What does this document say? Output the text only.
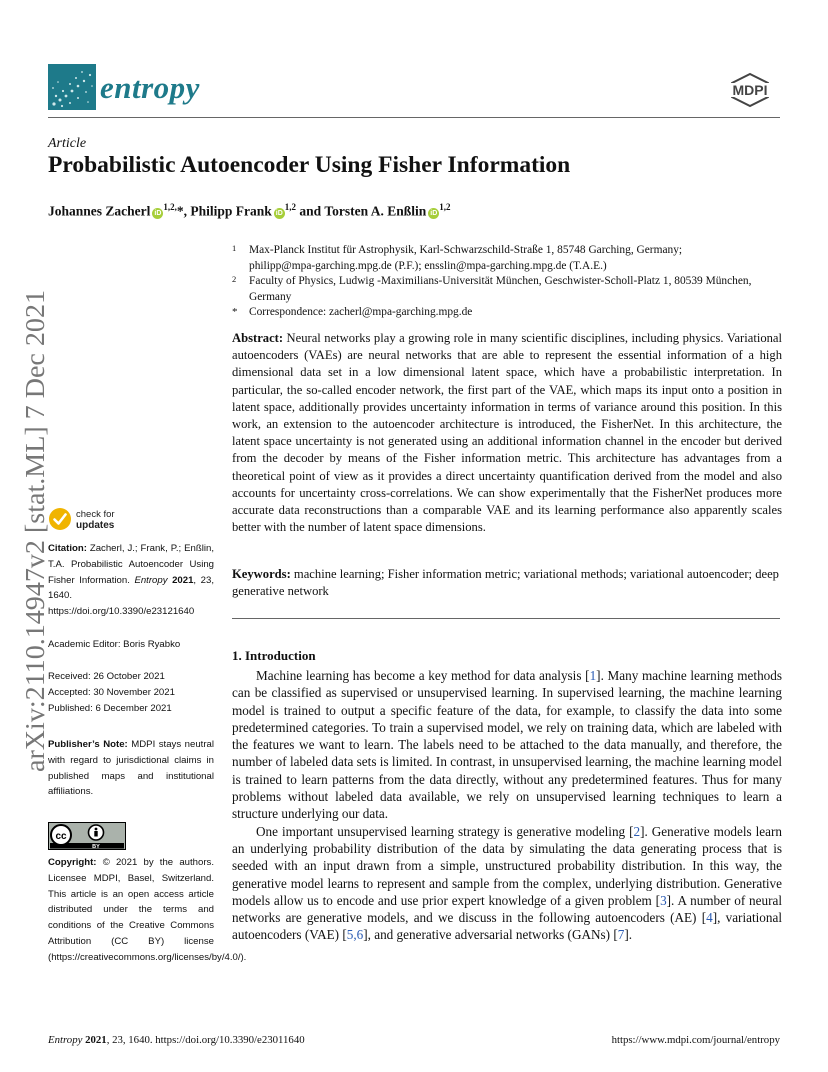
entropy	MDPI
Article
Probabilistic Autoencoder Using Fisher Information
Johannes Zacherl $iD^{1,2,}*$, Philipp Frank iD$^{1,2}$ and Torsten A. Enßlin iD$^{1,2}$
1 Max-Planck Institut für Astrophysik, Karl-Schwarzschild-Straße 1, 85748 Garching, Germany;
philipp@mpa-garching.mpg.de (P.F.); ensslin@mpa-garching.mpg.de (T.A.E.)
2 Faculty of Physics, Ludwig -Maximilians-Universität München, Geschwister-Scholl-Platz 1, 80539 München,
Germany
* Correspondence: zacherl@mpa-garching.mpg.de
Abstract: Neural networks play a growing role in many scientific disciplines, including physics. Variational autoencoders (VAEs) are neural networks that are able to represent the essential information of a high dimensional data set in a low dimensional latent space, which have a probabilistic interpretation. In particular, the so-called encoder network, the first part of the VAE, which maps its input onto a position in latent space, additionally provides uncertainty information in terms of variance around this position. In this work, an extension to the autoencoder architecture is introduced, the FisherNet. In this architecture, the latent space uncertainty is not generated using an additional information channel in the encoder but derived from the decoder by means of the Fisher information metric. This architecture has advantages from a theoretical point of view as it provides a direct uncertainty quantification derived from the model and also accounts for uncertainty cross-correlations. We can show experimentally that the FisherNet produces more accurate data reconstructions than a comparable VAE and its learning performance also apparently scales better with the number of latent space dimensions.
Keywords: machine learning; Fisher information metric; variational methods; variational autoencoder; deep generative network
1. Introduction

Machine learning has become a key method for data analysis [1]. Many machine learning methods can be classified as supervised or unsupervised learning. In supervised learning, the machine learning model is trained to output a specific feature of the data, for example, to classify the data into some predetermined categories. To train a supervised model, we rely on training data, which are labeled with the features we want to learn. The labels need to be attached to the data manually, and therefore, the number of labeled data sets is limited. In contrast, in unsupervised learning, the machine learning model is trained to learn patterns from the data directly, without any predetermined features. Thus for many problems without labeled data available, we rely on unsupervised learning techniques to learn a structure underlying our data.

One important unsupervised learning strategy is generative modeling [2]. Generative models learn an underlying probability distribution of the data by simulating the data generating process that is seeded with an input drawn from a simple, unstructured probability distribution. In this way, the generative model learns to represent and sample from the complex, underlying distribution. Generative models allow us to encode and use prior expert knowledge of a given problem [3]. A number of neural networks are generative models, and we discuss in the following autoencoders (AE) [4], variational autoencoders (VAE) [5,6], and generative adversarial networks (GANs) [7].

arXiv:2110.14947v2 [stat.ML] 7 Dec 2021	check for
updates
Citation: Zacherl, J.; Frank, P.; Enßlin, T.A. Probabilistic Autoencoder Using Fisher Information. Entropy 2021, 23, 1640. https://doi.org/10.3390/e23121640
Academic Editor: Boris Ryabko
Received: 26 October 2021
Accepted: 30 November 2021
Published: 6 December 2021
Publisher’s Note: MDPI stays neutral with regard to jurisdictional claims in published maps and institutional affiliations.
Copyright: © 2021 by the authors. Licensee MDPI, Basel, Switzerland. This article is an open access article distributed under the terms and conditions of the Creative Commons Attribution (CC BY) license (https://creativecommons.org/licenses/by/4.0/).
cc
BY
Entropy 2021, 23, 1640. https://doi.org/10.3390/e23011640	https://www.mdpi.com/journal/entropy
